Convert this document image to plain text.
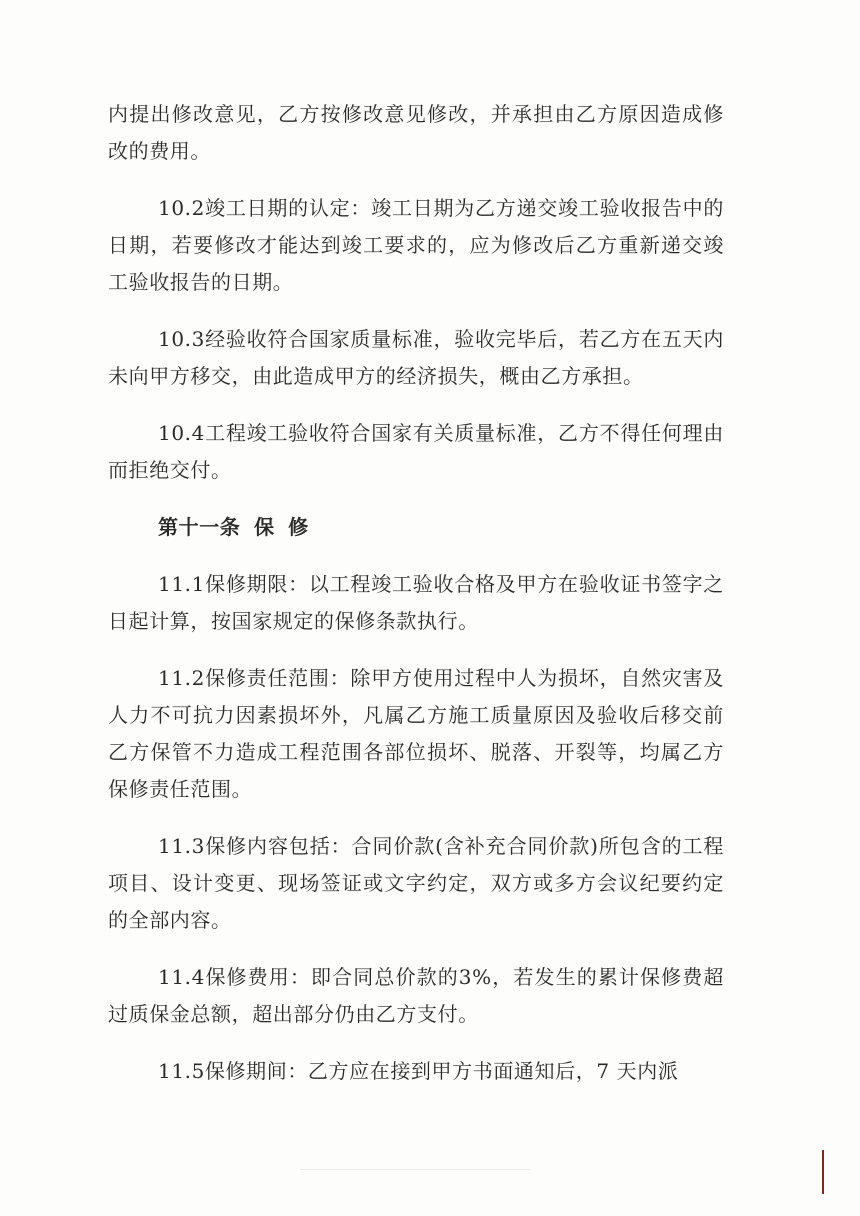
内提出修改意见，乙方按修改意见修改，并承担由乙方原因造成修改的费用。

10.2竣工日期的认定：竣工日期为乙方递交竣工验收报告中的日期，若要修改才能达到竣工要求的，应为修改后乙方重新递交竣工验收报告的日期。

10.3经验收符合国家质量标准，验收完毕后，若乙方在五天内未向甲方移交，由此造成甲方的经济损失，概由乙方承担。

10.4工程竣工验收符合国家有关质量标准，乙方不得任何理由而拒绝交付。

第十一条 保 修

11.1保修期限：以工程竣工验收合格及甲方在验收证书签字之日起计算，按国家规定的保修条款执行。

11.2保修责任范围：除甲方使用过程中人为损坏，自然灾害及人力不可抗力因素损坏外，凡属乙方施工质量原因及验收后移交前乙方保管不力造成工程范围各部位损坏、脱落、开裂等，均属乙方保修责任范围。

11.3保修内容包括：合同价款(含补充合同价款)所包含的工程项目、设计变更、现场签证或文字约定，双方或多方会议纪要约定的全部内容。

11.4保修费用：即合同总价款的3%，若发生的累计保修费超过质保金总额，超出部分仍由乙方支付。

11.5保修期间：乙方应在接到甲方书面通知后，7 天内派
